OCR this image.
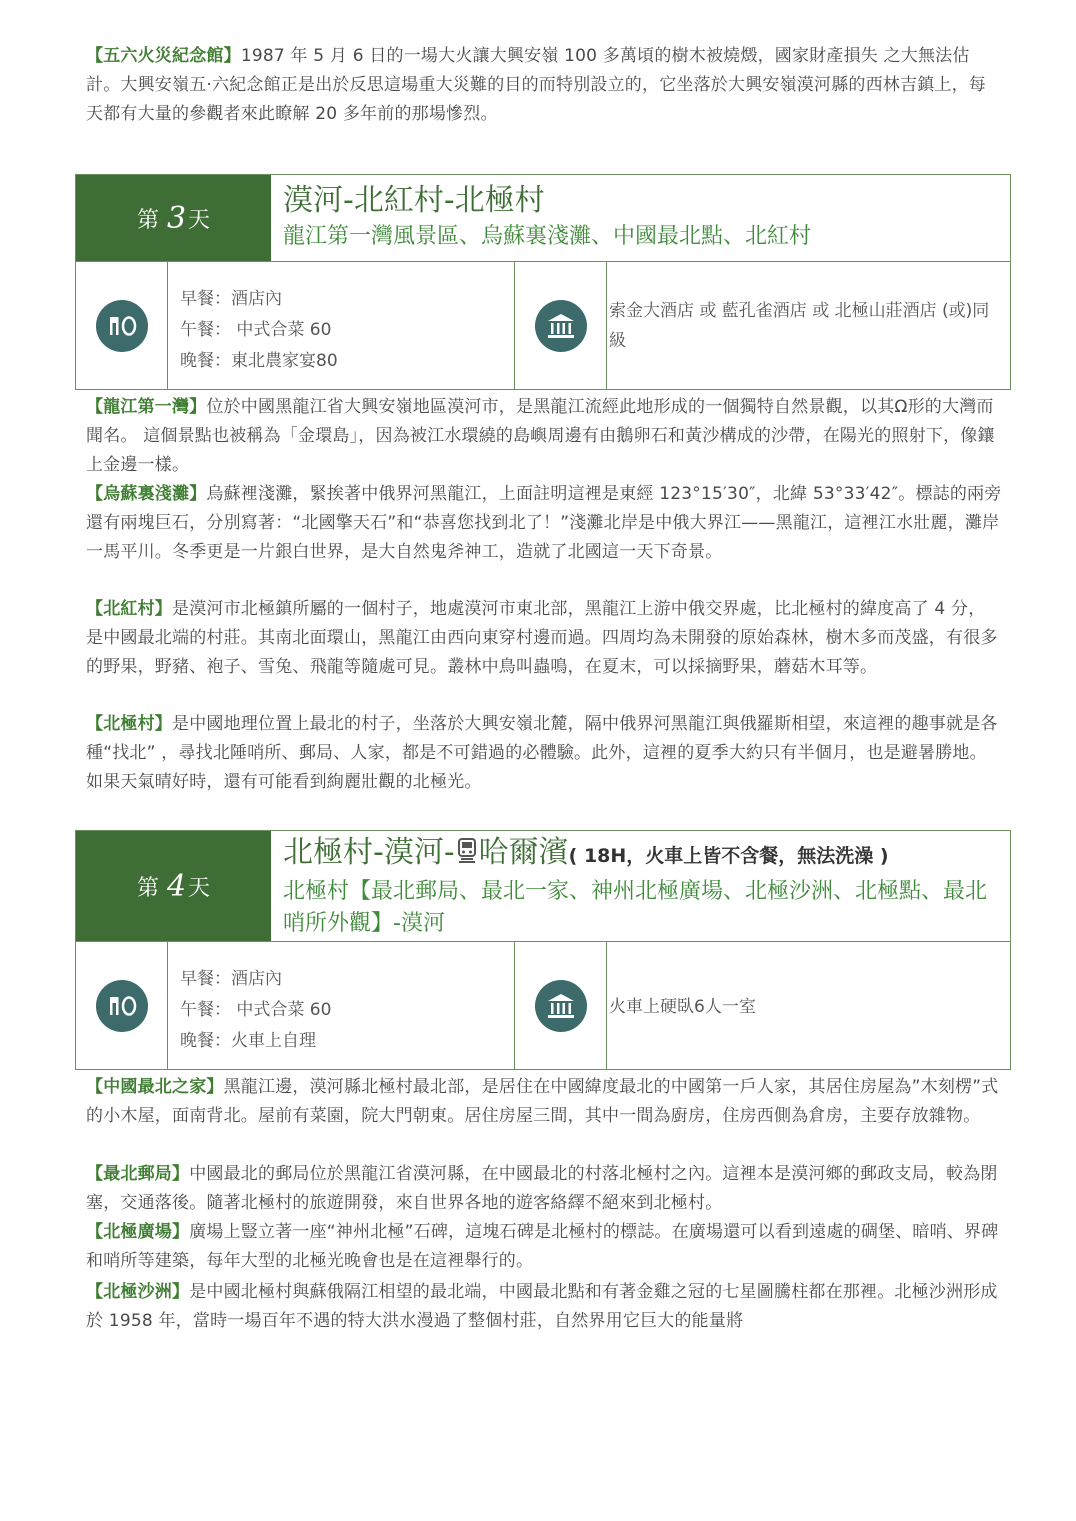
【五六火災紀念館】1987 年 5 月 6 日的一場大火讓大興安嶺 100 多萬頃的樹木被燒燬，國家財產損失 之大無法估計。大興安嶺五·六紀念館正是出於反思這場重大災難的目的而特別設立的，它坐落於大興安嶺漠河縣的西林吉鎮上，每天都有大量的參觀者來此瞭解 20 多年前的那場慘烈。

第 3 天
漠河-北紅村-北極村
龍江第一灣風景區、烏蘇裏淺灘、中國最北點、北紅村
早餐：酒店內
午餐： 中式合菜 60
晚餐：東北農家宴80
索金大酒店 或 藍孔雀酒店 或 北極山莊酒店 (或)同級

【龍江第一灣】位於中國黑龍江省大興安嶺地區漠河市，是黑龍江流經此地形成的一個獨特自然景觀，以其Ω形的大灣而聞名。 這個景點也被稱為「金環島」，因為被江水環繞的島嶼周邊有由鵝卵石和黃沙構成的沙帶，在陽光的照射下，像鑲上金邊一樣。

【烏蘇裏淺灘】烏蘇裡淺灘，緊挨著中俄界河黑龍江，上面註明這裡是東經 123°15′30″，北緯 53°33′42″。標誌的兩旁還有兩塊巨石，分別寫著：“北國擎天石”和“恭喜您找到北了！”淺灘北岸是中俄大界江——黑龍江，這裡江水壯麗，灘岸一馬平川。冬季更是一片銀白世界，是大自然鬼斧神工，造就了北國這一天下奇景。

【北紅村】是漠河市北極鎮所屬的一個村子，地處漠河市東北部，黑龍江上游中俄交界處，比北極村的緯度高了 4 分，是中國最北端的村莊。其南北面環山，黑龍江由西向東穿村邊而過。四周均為未開發的原始森林，樹木多而茂盛，有很多的野果，野豬、袍子、雪兔、飛龍等隨處可見。叢林中鳥叫蟲鳴，在夏末，可以採摘野果，蘑菇木耳等。

【北極村】是中國地理位置上最北的村子，坐落於大興安嶺北麓，隔中俄界河黑龍江與俄羅斯相望，來這裡的趣事就是各種“找北” ，尋找北陲哨所、郵局、人家，都是不可錯過的必體驗。此外，這裡的夏季大約只有半個月，也是避暑勝地。如果天氣晴好時，還有可能看到絢麗壯觀的北極光。

第 4 天
北極村-漠河- 哈爾濱( 18H，火車上皆不含餐，無法洗澡 )
北極村【最北郵局、最北一家、神州北極廣場、北極沙洲、北極點、最北哨所外觀】-漠河
早餐：酒店內
午餐： 中式合菜 60
晚餐：火車上自理
火車上硬臥6人一室

【中國最北之家】黑龍江邊，漠河縣北極村最北部，是居住在中國緯度最北的中國第一戶人家，其居住房屋為”木刻楞”式的小木屋，面南背北。屋前有菜園，院大門朝東。居住房屋三間，其中一間為廚房，住房西側為倉房，主要存放雜物。

【最北郵局】中國最北的郵局位於黑龍江省漠河縣，在中國最北的村落北極村之內。這裡本是漠河鄉的郵政支局，較為閉塞，交通落後。隨著北極村的旅遊開發，來自世界各地的遊客絡繹不絕來到北極村。

【北極廣場】廣場上豎立著一座“神州北極”石碑，這塊石碑是北極村的標誌。在廣場還可以看到遠處的碉堡、暗哨、界碑和哨所等建築，每年大型的北極光晚會也是在這裡舉行的。

【北極沙洲】是中國北極村與蘇俄隔江相望的最北端，中國最北點和有著金雞之冠的七星圖騰柱都在那裡。北極沙洲形成於 1958 年，當時一場百年不遇的特大洪水漫過了整個村莊，自然界用它巨大的能量將
